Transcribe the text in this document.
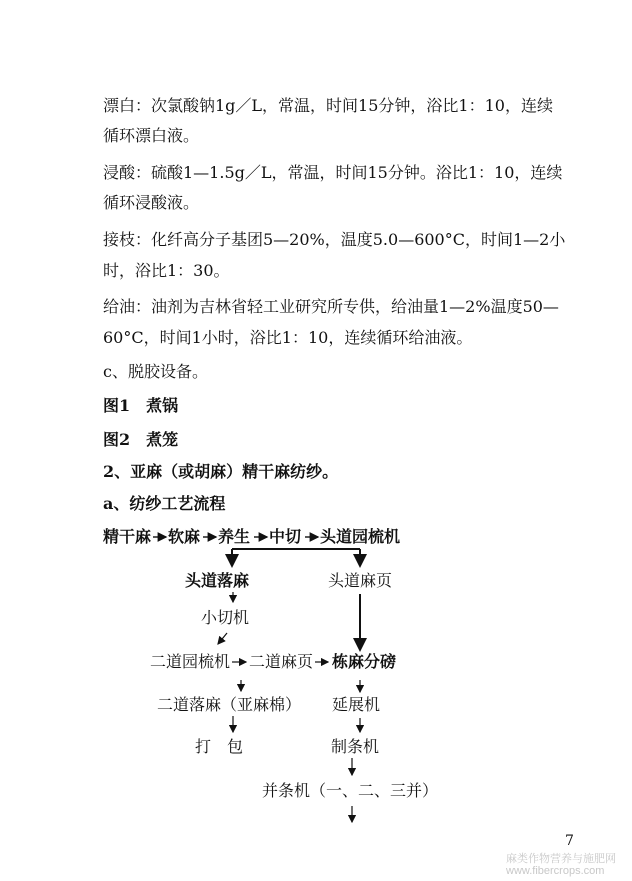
漂白：次氯酸钠1g／L，常温，时间15分钟，浴比1：10，连续
循环漂白液。
浸酸：硫酸1—1.5g／L，常温，时间15分钟。浴比1：10，连续
循环浸酸液。
接枝：化纤高分子基团5—20%，温度5.0—600°C，时间1—2小
时，浴比1：30。
给油：油剂为吉林省轻工业研究所专供，给油量1—2%温度50—
60°C，时间1小时，浴比1：10，连续循环给油液。
c、脱胶设备。
图1　煮锅
图2　煮笼
2、亚麻（或胡麻）精干麻纺纱。
a、纺纱工艺流程
精干麻 软麻 养生 中切 头道园梳机
头道落麻	头道麻页
小切机
二道园梳机 二道麻页 栋麻分磅
二道落麻（亚麻棉） 延展机
打　包	制条机
并条机（一、二、三并）
7
麻类作物营养与施肥网
www.fibercrops.com
